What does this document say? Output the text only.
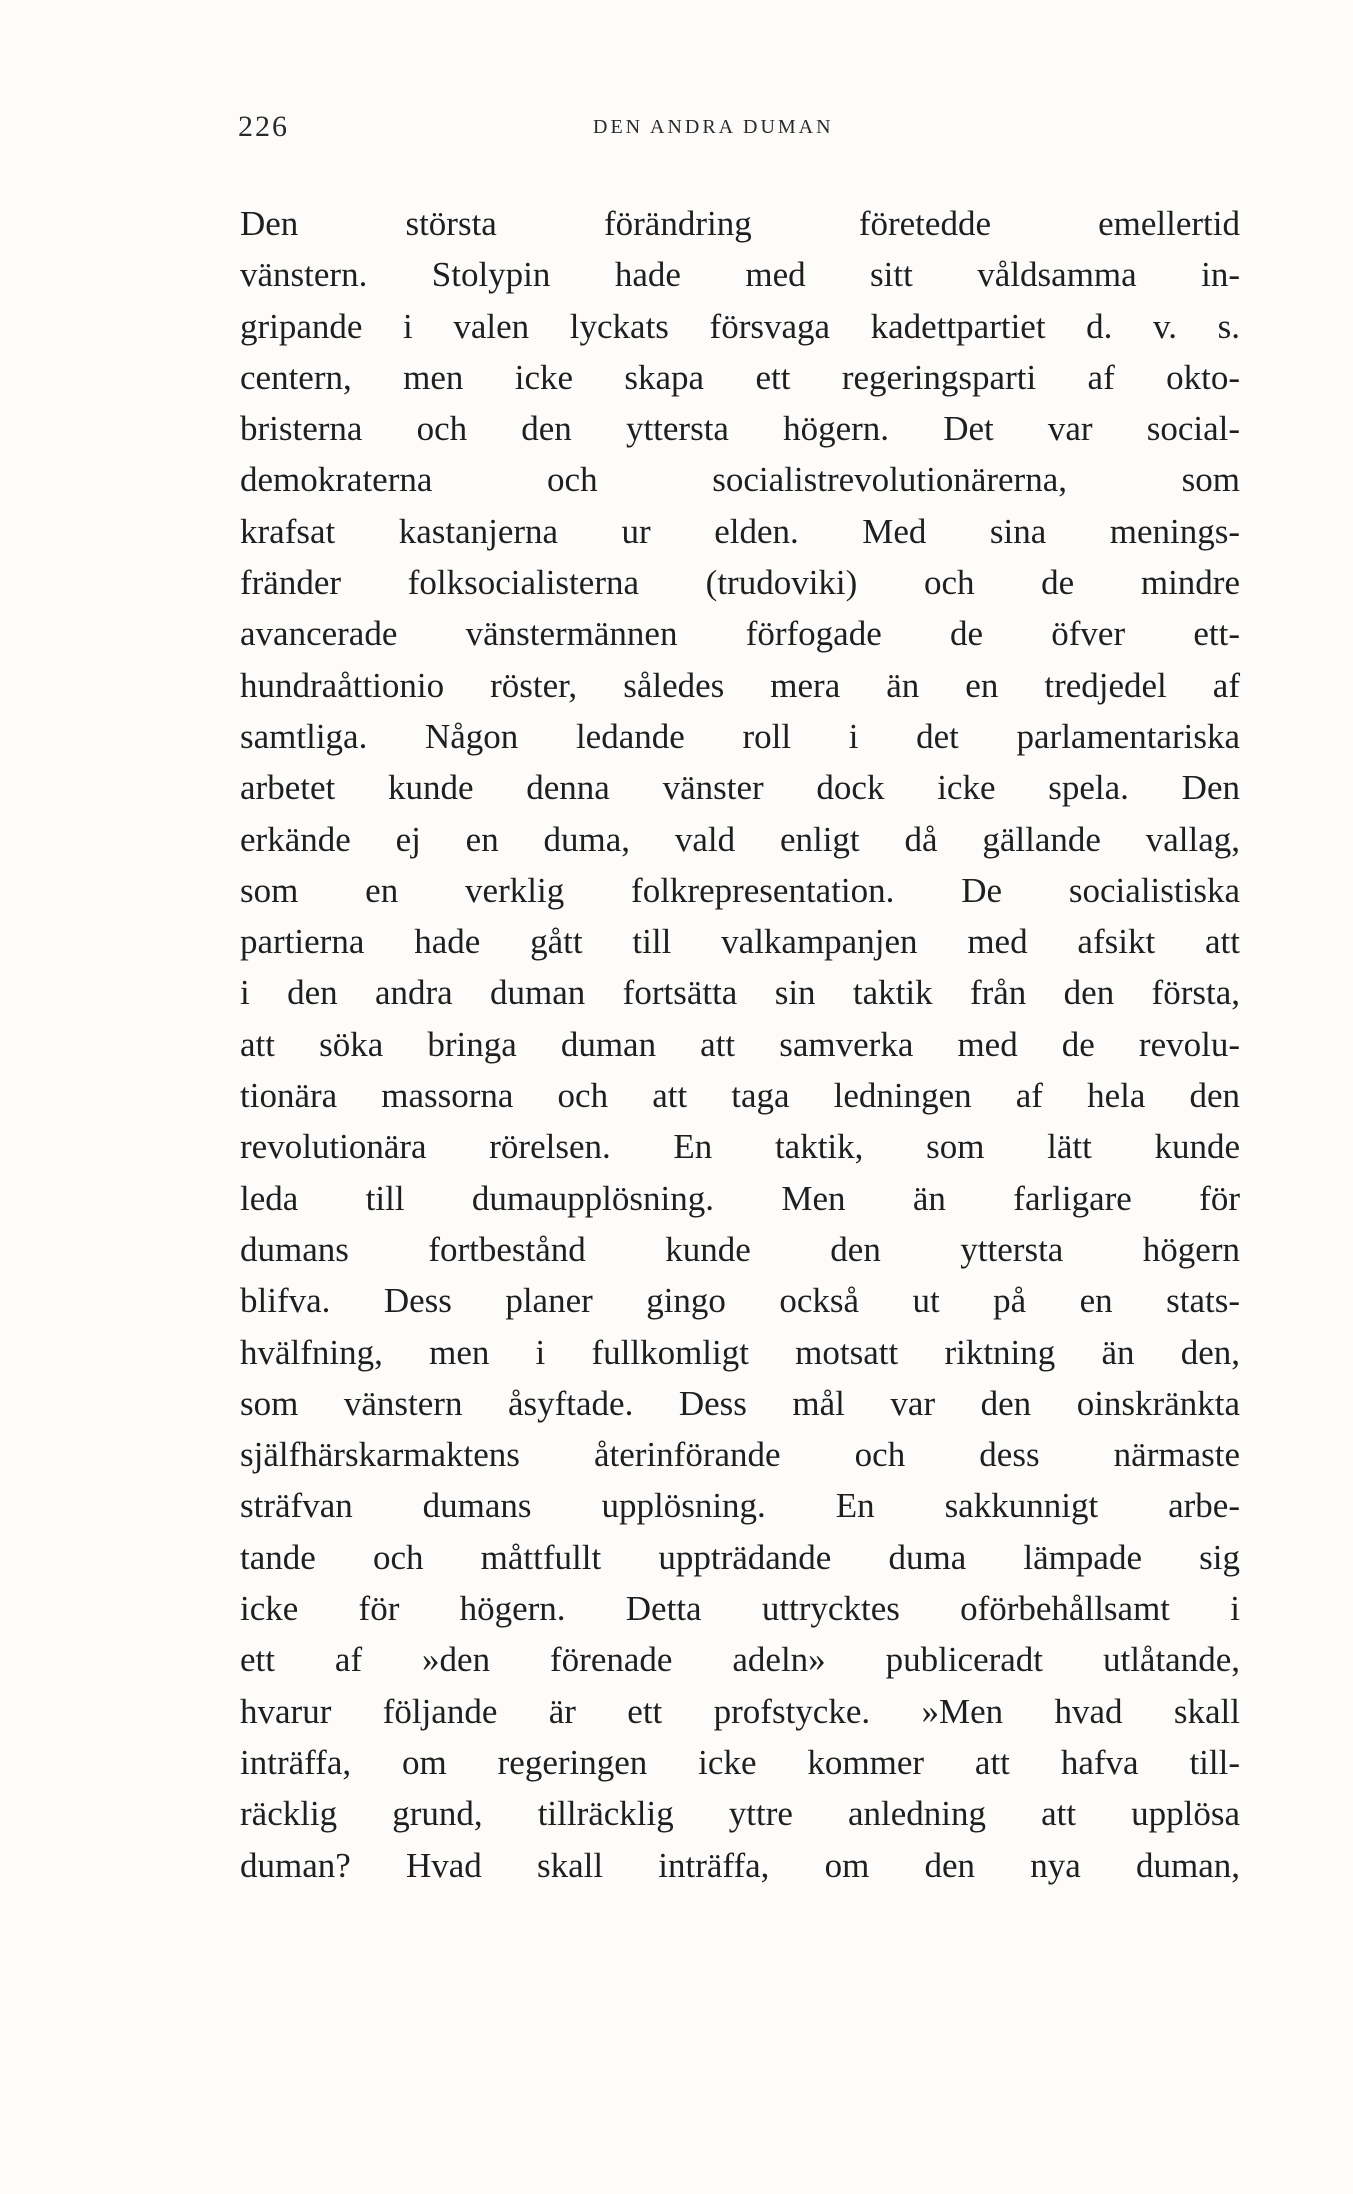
226	DEN ANDRA DUMAN
Den största förändring företedde emellertid
vänstern. Stolypin hade med sitt våldsamma in-
gripande i valen lyckats försvaga kadettpartiet d. v. s.
centern, men icke skapa ett regeringsparti af okto-
bristerna och den yttersta högern. Det var social-
demokraterna och socialistrevolutionärerna, som
krafsat kastanjerna ur elden. Med sina menings-
fränder folksocialisterna (trudoviki) och de mindre
avancerade vänstermännen förfogade de öfver ett-
hundraåttionio röster, således mera än en tredjedel af
samtliga. Någon ledande roll i det parlamentariska
arbetet kunde denna vänster dock icke spela. Den
erkände ej en duma, vald enligt då gällande vallag,
som en verklig folkrepresentation. De socialistiska
partierna hade gått till valkampanjen med afsikt att
i den andra duman fortsätta sin taktik från den första,
att söka bringa duman att samverka med de revolu-
tionära massorna och att taga ledningen af hela den
revolutionära rörelsen. En taktik, som lätt kunde
leda till dumaupplösning. Men än farligare för
dumans fortbestånd kunde den yttersta högern
blifva. Dess planer gingo också ut på en stats-
hvälfning, men i fullkomligt motsatt riktning än den,
som vänstern åsyftade. Dess mål var den oinskränkta
själfhärskarmaktens återinförande och dess närmaste
sträfvan dumans upplösning. En sakkunnigt arbe-
tande och måttfullt uppträdande duma lämpade sig
icke för högern. Detta uttrycktes oförbehållsamt i
ett af »den förenade adeln» publiceradt utlåtande,
hvarur följande är ett profstycke. »Men hvad skall
inträffa, om regeringen icke kommer att hafva till-
räcklig grund, tillräcklig yttre anledning att upplösa
duman? Hvad skall inträffa, om den nya duman,
